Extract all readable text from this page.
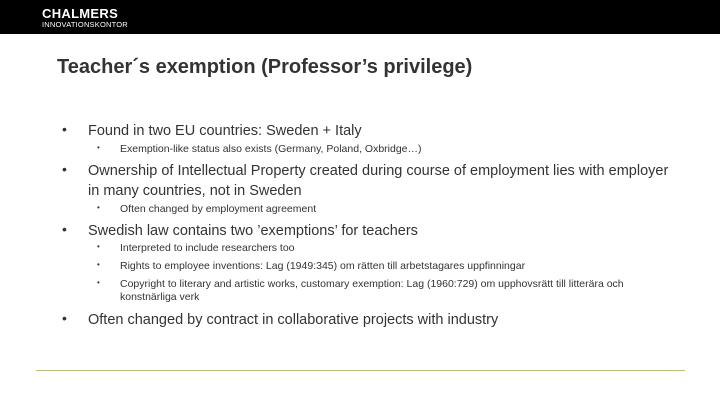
CHALMERS
INNOVATIONSKONTOR
Teacher´s exemption (Professor’s privilege)
• Found in two EU countries: Sweden + Italy
• Exemption-like status also exists (Germany, Poland, Oxbridge…)
• Ownership of Intellectual Property created during course of employment lies with employer in many countries, not in Sweden
• Often changed by employment agreement
• Swedish law contains two ’exemptions’ for teachers
• Interpreted to include researchers too
• Rights to employee inventions: Lag (1949:345) om rätten till arbetstagares uppfinningar
• Copyright to literary and artistic works, customary exemption: Lag (1960:729) om upphovsrätt till litterära och konstnärliga verk
• Often changed by contract in collaborative projects with industry
